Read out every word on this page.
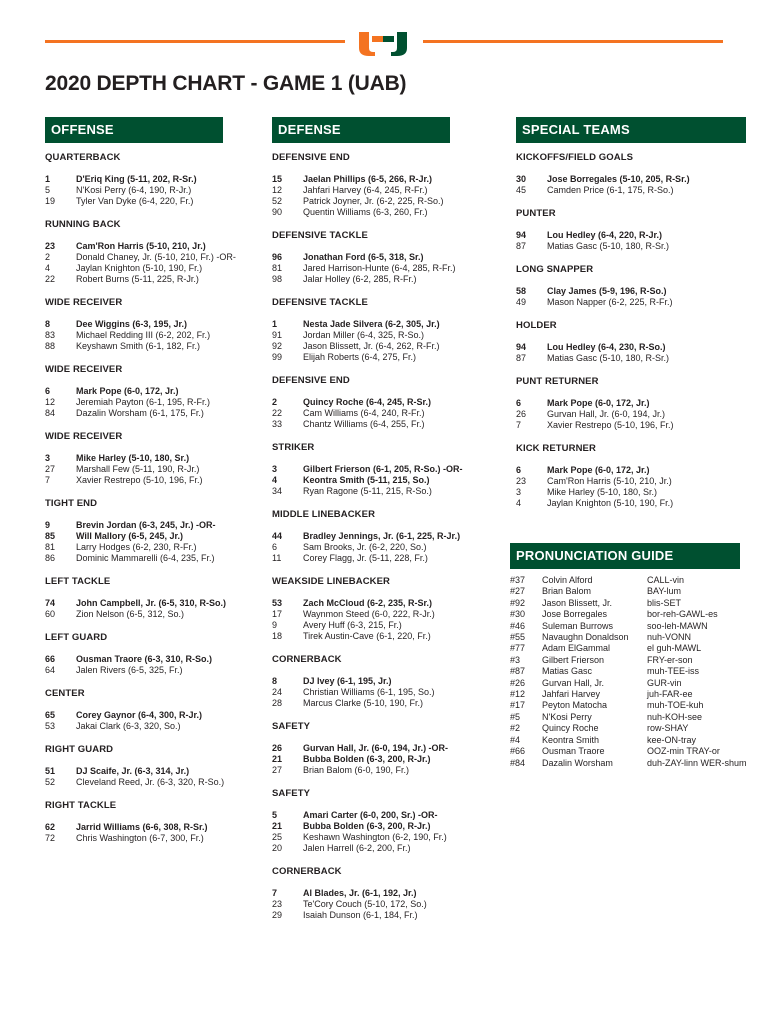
2020 DEPTH CHART - GAME 1 (UAB)
OFFENSE
QUARTERBACK
1	D'Eriq King (5-11, 202, R-Sr.)
5	N'Kosi Perry (6-4, 190, R-Jr.)
19	Tyler Van Dyke (6-4, 220, Fr.)
RUNNING BACK
23	Cam'Ron Harris (5-10, 210, Jr.)
2	Donald Chaney, Jr. (5-10, 210, Fr.) -OR-
4	Jaylan Knighton (5-10, 190, Fr.)
22	Robert Burns (5-11, 225, R-Jr.)
WIDE RECEIVER
8	Dee Wiggins (6-3, 195, Jr.)
83	Michael Redding III (6-2, 202, Fr.)
88	Keyshawn Smith (6-1, 182, Fr.)
WIDE RECEIVER
6	Mark Pope (6-0, 172, Jr.)
12	Jeremiah Payton (6-1, 195, R-Fr.)
84	Dazalin Worsham (6-1, 175, Fr.)
WIDE RECEIVER
3	Mike Harley (5-10, 180, Sr.)
27	Marshall Few (5-11, 190, R-Jr.)
7	Xavier Restrepo (5-10, 196, Fr.)
TIGHT END
9	Brevin Jordan (6-3, 245, Jr.) -OR-
85	Will Mallory (6-5, 245, Jr.)
81	Larry Hodges (6-2, 230, R-Fr.)
86	Dominic Mammarelli (6-4, 235, Fr.)
LEFT TACKLE
74	John Campbell, Jr. (6-5, 310, R-So.)
60	Zion Nelson (6-5, 312, So.)
LEFT GUARD
66	Ousman Traore (6-3, 310, R-So.)
64	Jalen Rivers (6-5, 325, Fr.)
CENTER
65	Corey Gaynor (6-4, 300, R-Jr.)
53	Jakai Clark (6-3, 320, So.)
RIGHT GUARD
51	DJ Scaife, Jr. (6-3, 314, Jr.)
52	Cleveland Reed, Jr. (6-3, 320, R-So.)
RIGHT TACKLE
62	Jarrid Williams (6-6, 308, R-Sr.)
72	Chris Washington (6-7, 300, Fr.)
DEFENSE
DEFENSIVE END
15	Jaelan Phillips (6-5, 266, R-Jr.)
12	Jahfari Harvey (6-4, 245, R-Fr.)
52	Patrick Joyner, Jr. (6-2, 225, R-So.)
90	Quentin Williams (6-3, 260, Fr.)
DEFENSIVE TACKLE
96	Jonathan Ford (6-5, 318, Sr.)
81	Jared Harrison-Hunte (6-4, 285, R-Fr.)
98	Jalar Holley (6-2, 285, R-Fr.)
DEFENSIVE TACKLE
1	Nesta Jade Silvera (6-2, 305, Jr.)
91	Jordan Miller (6-4, 325, R-So.)
92	Jason Blissett, Jr. (6-4, 262, R-Fr.)
99	Elijah Roberts (6-4, 275, Fr.)
DEFENSIVE END
2	Quincy Roche (6-4, 245, R-Sr.)
22	Cam Williams (6-4, 240, R-Fr.)
33	Chantz Williams (6-4, 255, Fr.)
STRIKER
3	Gilbert Frierson (6-1, 205, R-So.) -OR-
4	Keontra Smith (5-11, 215, So.)
34	Ryan Ragone (5-11, 215, R-So.)
MIDDLE LINEBACKER
44	Bradley Jennings, Jr. (6-1, 225, R-Jr.)
6	Sam Brooks, Jr. (6-2, 220, So.)
11	Corey Flagg, Jr. (5-11, 228, Fr.)
WEAKSIDE LINEBACKER
53	Zach McCloud (6-2, 235, R-Sr.)
17	Waynmon Steed (6-0, 222, R-Jr.)
9	Avery Huff (6-3, 215, Fr.)
18	Tirek Austin-Cave (6-1, 220, Fr.)
CORNERBACK
8	DJ Ivey (6-1, 195, Jr.)
24	Christian Williams (6-1, 195, So.)
28	Marcus Clarke (5-10, 190, Fr.)
SAFETY
26	Gurvan Hall, Jr. (6-0, 194, Jr.) -OR-
21	Bubba Bolden (6-3, 200, R-Jr.)
27	Brian Balom (6-0, 190, Fr.)
SAFETY
5	Amari Carter (6-0, 200, Sr.) -OR-
21	Bubba Bolden (6-3, 200, R-Jr.)
25	Keshawn Washington (6-2, 190, Fr.)
20	Jalen Harrell (6-2, 200, Fr.)
CORNERBACK
7	Al Blades, Jr. (6-1, 192, Jr.)
23	Te'Cory Couch (5-10, 172, So.)
29	Isaiah Dunson (6-1, 184, Fr.)
SPECIAL TEAMS
KICKOFFS/FIELD GOALS
30	Jose Borregales (5-10, 205, R-Sr.)
45	Camden Price (6-1, 175, R-So.)
PUNTER
94	Lou Hedley (6-4, 220, R-Jr.)
87	Matias Gasc (5-10, 180, R-Sr.)
LONG SNAPPER
58	Clay James (5-9, 196, R-So.)
49	Mason Napper (6-2, 225, R-Fr.)
HOLDER
94	Lou Hedley (6-4, 230, R-So.)
87	Matias Gasc (5-10, 180, R-Sr.)
PUNT RETURNER
6	Mark Pope (6-0, 172, Jr.)
26	Gurvan Hall, Jr. (6-0, 194, Jr.)
7	Xavier Restrepo (5-10, 196, Fr.)
KICK RETURNER
6	Mark Pope (6-0, 172, Jr.)
23	Cam'Ron Harris (5-10, 210, Jr.)
3	Mike Harley (5-10, 180, Sr.)
4	Jaylan Knighton (5-10, 190, Fr.)
PRONUNCIATION GUIDE
#37	Colvin Alford	CALL-vin
#27	Brian Balom	BAY-lum
#92	Jason Blissett, Jr.	blis-SET
#30	Jose Borregales	bor-reh-GAWL-es
#46	Suleman Burrows	soo-leh-MAWN
#55	Navaughn Donaldson	nuh-VONN
#77	Adam ElGammal	el guh-MAWL
#3	Gilbert Frierson	FRY-er-son
#87	Matias Gasc	muh-TEE-iss
#26	Gurvan Hall, Jr.	GUR-vin
#12	Jahfari Harvey	juh-FAR-ee
#17	Peyton Matocha	muh-TOE-kuh
#5	N'Kosi Perry	nuh-KOH-see
#2	Quincy Roche	row-SHAY
#4	Keontra Smith	kee-ON-tray
#66	Ousman Traore	OOZ-min TRAY-or
#84	Dazalin Worsham	duh-ZAY-linn WER-shum
